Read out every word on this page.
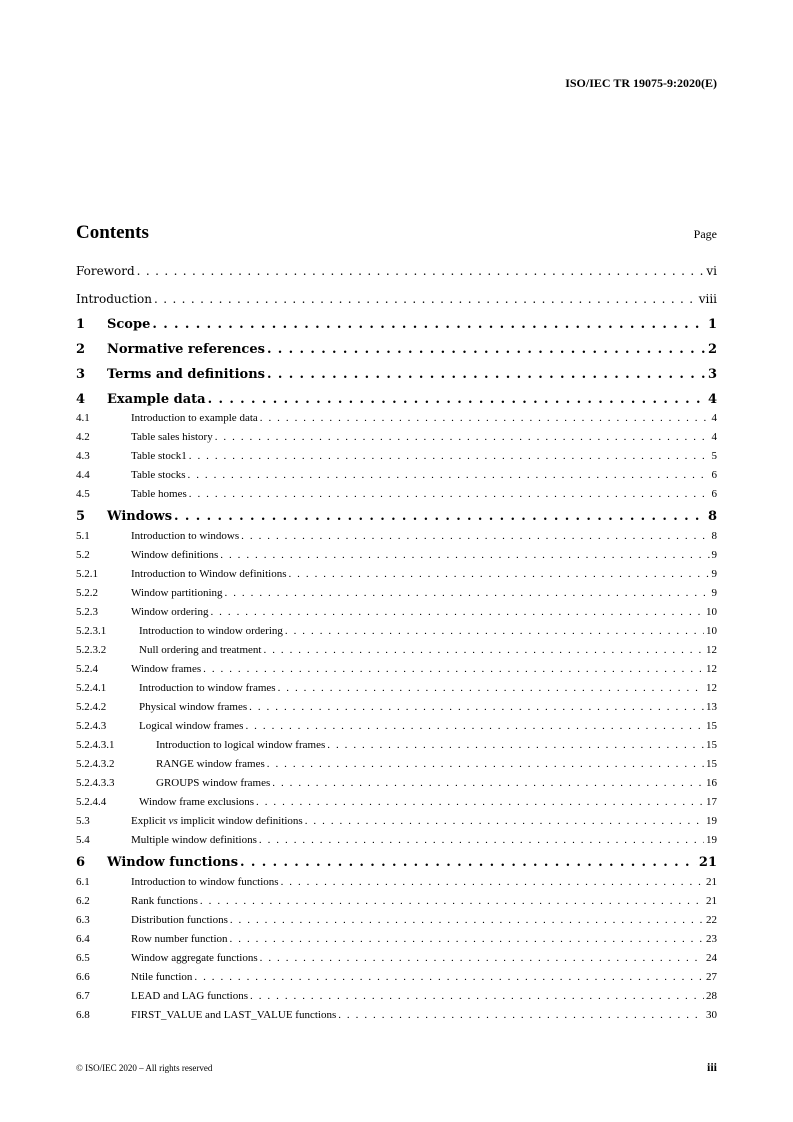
ISO/IEC TR 19075-9:2020(E)
Contents	Page
Foreword . . .	vi
Introduction . . .	viii
1	Scope . . .	1
2	Normative references . . .	2
3	Terms and definitions . . .	3
4	Example data . . .	4
4.1	Introduction to example data . . .	4
4.2	Table sales history . . .	4
4.3	Table stock1 . . .	5
4.4	Table stocks . . .	6
4.5	Table homes . . .	6
5	Windows . . .	8
5.1	Introduction to windows . . .	8
5.2	Window definitions . . .	9
5.2.1	Introduction to Window definitions . . .	9
5.2.2	Window partitioning . . .	9
5.2.3	Window ordering . . .	10
5.2.3.1	Introduction to window ordering . . .	10
5.2.3.2	Null ordering and treatment . . .	12
5.2.4	Window frames . . .	12
5.2.4.1	Introduction to window frames . . .	12
5.2.4.2	Physical window frames . . .	13
5.2.4.3	Logical window frames . . .	15
5.2.4.3.1	Introduction to logical window frames . . .	15
5.2.4.3.2	RANGE window frames . . .	15
5.2.4.3.3	GROUPS window frames . . .	16
5.2.4.4	Window frame exclusions . . .	17
5.3	Explicit vs implicit window definitions . . .	19
5.4	Multiple window definitions . . .	19
6	Window functions . . .	21
6.1	Introduction to window functions . . .	21
6.2	Rank functions . . .	21
6.3	Distribution functions . . .	22
6.4	Row number function . . .	23
6.5	Window aggregate functions . . .	24
6.6	Ntile function . . .	27
6.7	LEAD and LAG functions . . .	28
6.8	FIRST_VALUE and LAST_VALUE functions . . .	30
© ISO/IEC 2020 – All rights reserved	iii
